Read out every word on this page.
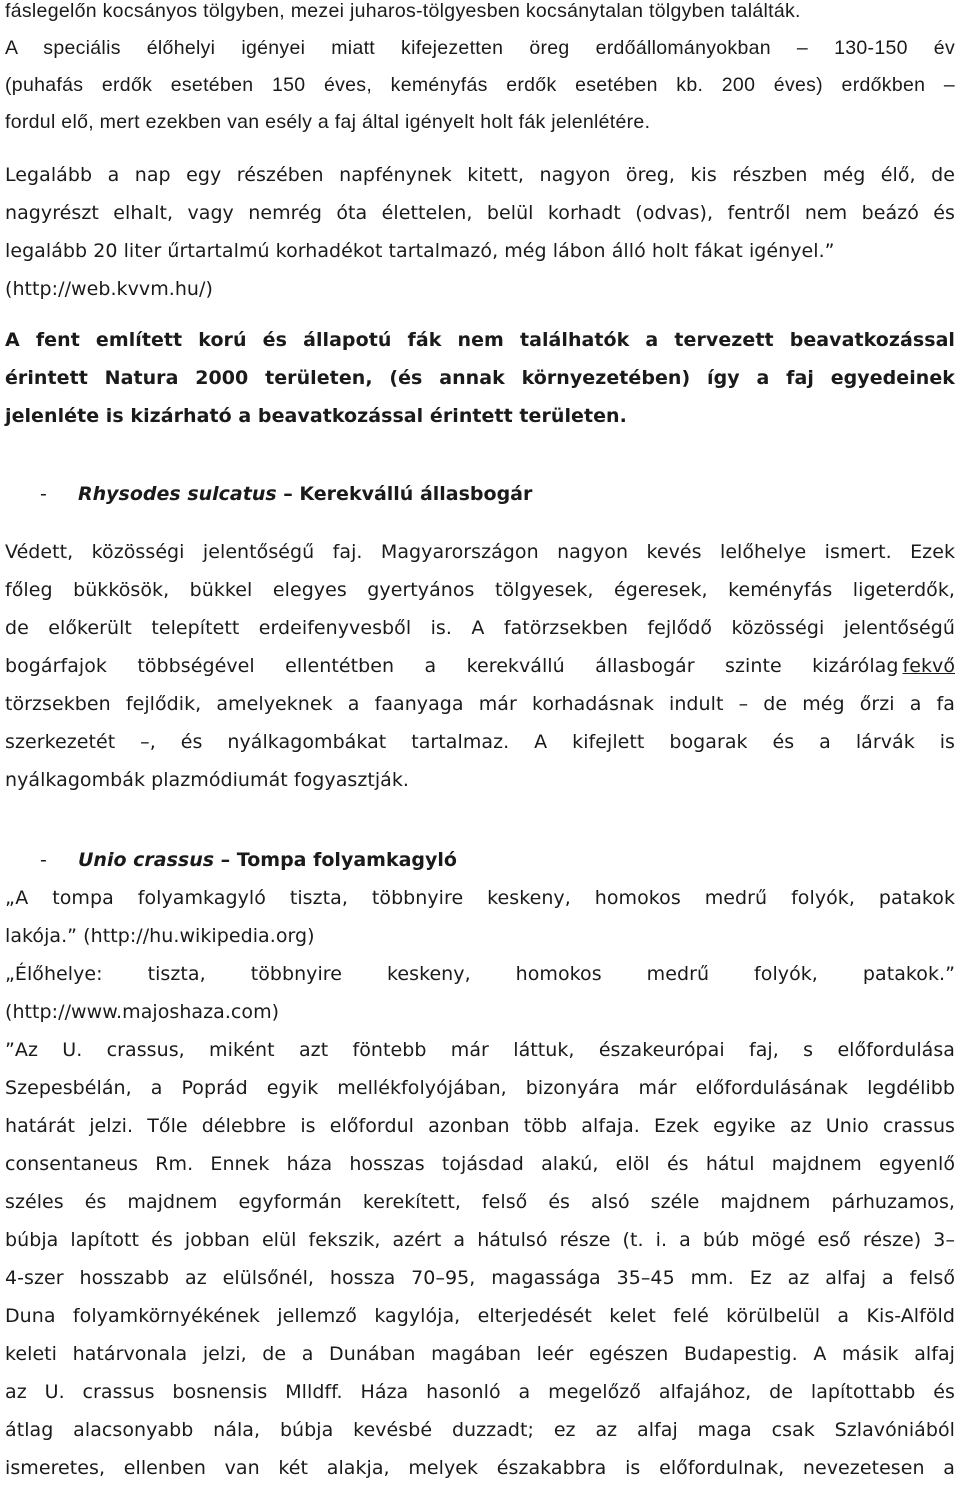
fáslegelőn kocsányos tölgyben, mezei juharos-tölgyesben kocsánytalan tölgyben találták.
A speciális élőhelyi igényei miatt kifejezetten öreg erdőállományokban – 130-150 év
(puhafás erdők esetében 150 éves, keményfás erdők esetében kb. 200 éves) erdőkben –
fordul elő, mert ezekben van esély a faj által igényelt holt fák jelenlétére.
Legalább a nap egy részében napfénynek kitett, nagyon öreg, kis részben még élő, de
nagyrészt elhalt, vagy nemrég óta élettelen, belül korhadt (odvas), fentről nem beázó és
legalább 20 liter űrtartalmú korhadékot tartalmazó, még lábon álló holt fákat igényel.”
(http://web.kvvm.hu/)
A fent említett korú és állapotú fák nem találhatók a tervezett beavatkozással
érintett Natura 2000 területen, (és annak környezetében) így a faj egyedeinek
jelenléte is kizárható a beavatkozással érintett területen.
- Rhysodes sulcatus – Kerekvállú állasbogár
Védett, közösségi jelentőségű faj. Magyarországon nagyon kevés lelőhelye ismert. Ezek
főleg bükkösök, bükkel elegyes gyertyános tölgyesek, égeresek, keményfás ligeterdők,
de előkerült telepített erdeifenyvesből is. A fatörzsekben fejlődő közösségi jelentőségű
bogárfajok többségével ellentétben a kerekvállú állasbogár szinte kizárólag fekvő
törzsekben fejlődik, amelyeknek a faanyaga már korhadásnak indult – de még őrzi a fa
szerkezetét –, és nyálkagombákat tartalmaz. A kifejlett bogarak és a lárvák is
nyálkagombák plazmódiumát fogyasztják.
- Unio crassus – Tompa folyamkagyló
„A tompa folyamkagyló tiszta, többnyire keskeny, homokos medrű folyók, patakok
lakója.” (http://hu.wikipedia.org)
„Élőhelye: tiszta, többnyire keskeny, homokos medrű folyók, patakok.”
(http://www.majoshaza.com)
”Az U. crassus, miként azt föntebb már láttuk, északeurópai faj, s előfordulása
Szepesbélán, a Poprád egyik mellékfolyójában, bizonyára már előfordulásának legdélibb
határát jelzi. Tőle délebbre is előfordul azonban több alfaja. Ezek egyike az Unio crassus
consentaneus Rm. Ennek háza hosszas tojásdad alakú, elöl és hátul majdnem egyenlő
széles és majdnem egyformán kerekített, felső és alsó széle majdnem párhuzamos,
búbja lapított és jobban elül fekszik, azért a hátulsó része (t. i. a búb mögé eső része) 3–
4-szer hosszabb az elülsőnél, hossza 70–95, magassága 35–45 mm. Ez az alfaj a felső
Duna folyamkörnyékének jellemző kagylója, elterjedését kelet felé körülbelül a Kis-Alföld
keleti határvonala jelzi, de a Dunában magában leér egészen Budapestig. A másik alfaj
az U. crassus bosnensis Mlldff. Háza hasonló a megelőző alfajához, de lapítottabb és
átlag alacsonyabb nála, búbja kevésbé duzzadt; ez az alfaj maga csak Szlavóniából
ismeretes, ellenben van két alakja, melyek északabbra is előfordulnak, nevezetesen a
